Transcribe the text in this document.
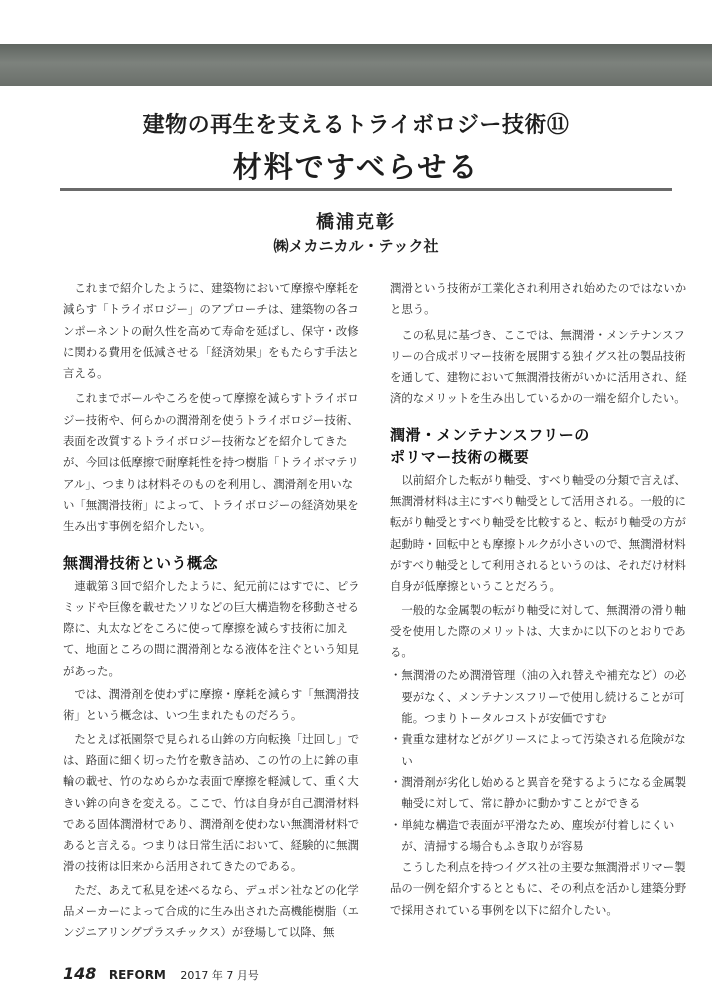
建物の再生を支えるトライボロジー技術⑪
材料ですべらせる
橋浦克彰
㈱メカニカル・テック社

これまで紹介したように、建築物において摩擦や摩耗を減らす「トライボロジー」のアプローチは、建築物の各コンポーネントの耐久性を高めて寿命を延ばし、保守・改修に関わる費用を低減させる「経済効果」をもたらす手法と言える。

これまでボールやころを使って摩擦を減らすトライボロジー技術や、何らかの潤滑剤を使うトライボロジー技術、表面を改質するトライボロジー技術などを紹介してきたが、今回は低摩擦で耐摩耗性を持つ樹脂「トライボマテリアル」、つまりは材料そのものを利用し、潤滑剤を用いない「無潤滑技術」によって、トライボロジーの経済効果を生み出す事例を紹介したい。

無潤滑技術という概念

連載第３回で紹介したように、紀元前にはすでに、ピラミッドや巨像を載せたソリなどの巨大構造物を移動させる際に、丸太などをころに使って摩擦を減らす技術に加えて、地面ところの間に潤滑剤となる液体を注ぐという知見があった。

では、潤滑剤を使わずに摩擦・摩耗を減らす「無潤滑技術」という概念は、いつ生まれたものだろう。

たとえば祇園祭で見られる山鉾の方向転換「辻回し」では、路面に細く切った竹を敷き詰め、この竹の上に鉾の車輪の載せ、竹のなめらかな表面で摩擦を軽減して、重く大きい鉾の向きを変える。ここで、竹は自身が自己潤滑材料である固体潤滑材であり、潤滑剤を使わない無潤滑材料であると言える。つまりは日常生活において、経験的に無潤滑の技術は旧来から活用されてきたのである。

ただ、あえて私見を述べるなら、デュポン社などの化学品メーカーによって合成的に生み出された高機能樹脂（エンジニアリングプラスチックス）が登場して以降、無

潤滑という技術が工業化され利用され始めたのではないかと思う。

この私見に基づき、ここでは、無潤滑・メンテナンスフリーの合成ポリマー技術を展開する独イグス社の製品技術を通して、建物において無潤滑技術がいかに活用され、経済的なメリットを生み出しているかの一端を紹介したい。

潤滑・メンテナンスフリーの
ポリマー技術の概要

以前紹介した転がり軸受、すべり軸受の分類で言えば、無潤滑材料は主にすべり軸受として活用される。一般的に転がり軸受とすべり軸受を比較すると、転がり軸受の方が起動時・回転中とも摩擦トルクが小さいので、無潤滑材料がすべり軸受として利用されるというのは、それだけ材料自身が低摩擦ということだろう。

一般的な金属製の転がり軸受に対して、無潤滑の滑り軸受を使用した際のメリットは、大まかに以下のとおりである。

・無潤滑のため潤滑管理（油の入れ替えや補充など）の必要がなく、メンテナンスフリーで使用し続けることが可能。つまりトータルコストが安価ですむ

・貴重な建材などがグリースによって汚染される危険がない

・潤滑剤が劣化し始めると異音を発するようになる金属製軸受に対して、常に静かに動かすことができる

・単純な構造で表面が平滑なため、塵埃が付着しにくいが、清掃する場合もふき取りが容易

こうした利点を持つイグス社の主要な無潤滑ポリマー製品の一例を紹介するとともに、その利点を活かし建築分野で採用されている事例を以下に紹介したい。

148 REFORM 2017 年 7 月号
